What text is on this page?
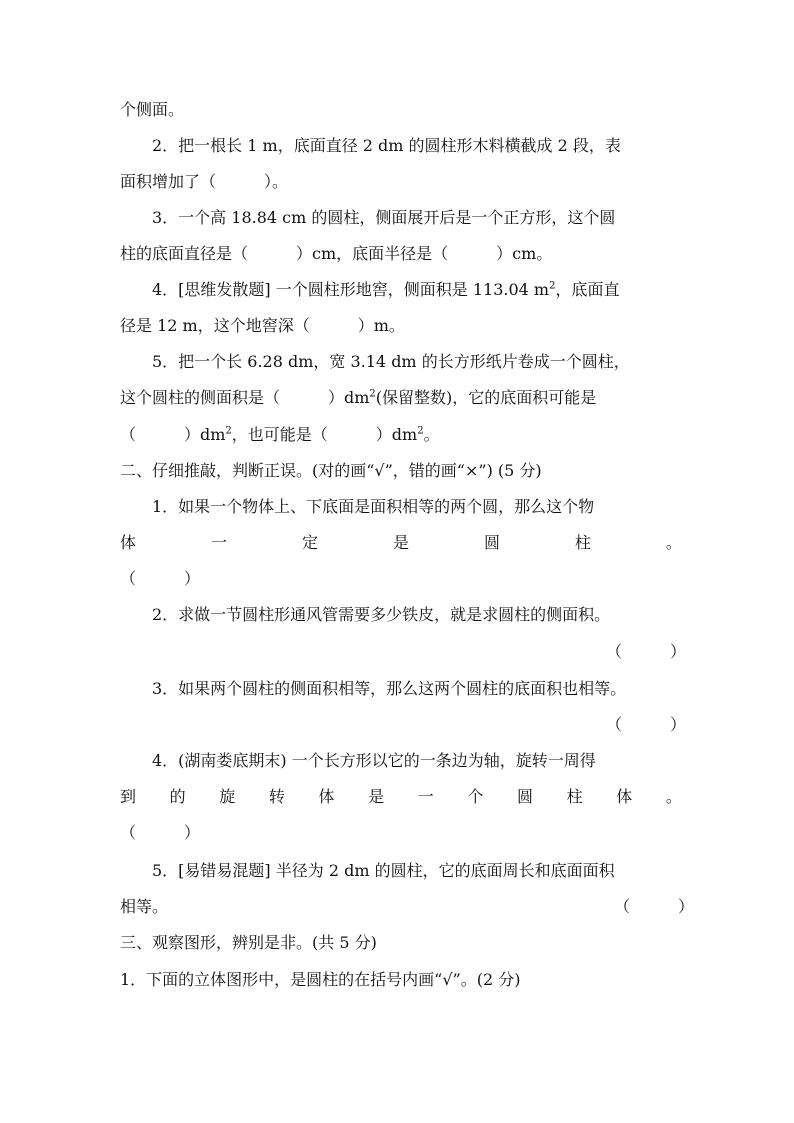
个侧面。
2．把一根长 1 m，底面直径 2 dm 的圆柱形木料横截成 2 段，表
面积增加了（　　　）。
3．一个高 18.84 cm 的圆柱，侧面展开后是一个正方形，这个圆
柱的底面直径是（　　　）cm，底面半径是（　　　）cm。
4．[思维发散题] 一个圆柱形地窖，侧面积是 113.04 $m^2$，底面直
径是 12 m，这个地窖深（　　　）m。
5．把一个长 6.28 dm，宽 3.14 dm 的长方形纸片卷成一个圆柱，
这个圆柱的侧面积是（　　　）$dm^2$(保留整数)，它的底面积可能是
（　　　）$dm^2$，也可能是（　　　）$dm^2$。
二、仔细推敲，判断正误。(对的画“√”，错的画“×”) (5 分)
1．如果一个物体上、下底面是面积相等的两个圆，那么这个物
体	一	定	是	圆	柱	。
（　　　）
2．求做一节圆柱形通风管需要多少铁皮，就是求圆柱的侧面积。
（　　　）
3．如果两个圆柱的侧面积相等，那么这两个圆柱的底面积也相等。
（　　　）
4．(湖南娄底期末) 一个长方形以它的一条边为轴，旋转一周得
到 的 旋 转 体 是 一 个 圆 柱 体 。
（　　　）
5．[易错易混题] 半径为 2 dm 的圆柱，它的底面周长和底面面积
相等。	（　　　）
三、观察图形，辨别是非。(共 5 分)
1．下面的立体图形中，是圆柱的在括号内画“√”。(2 分)
